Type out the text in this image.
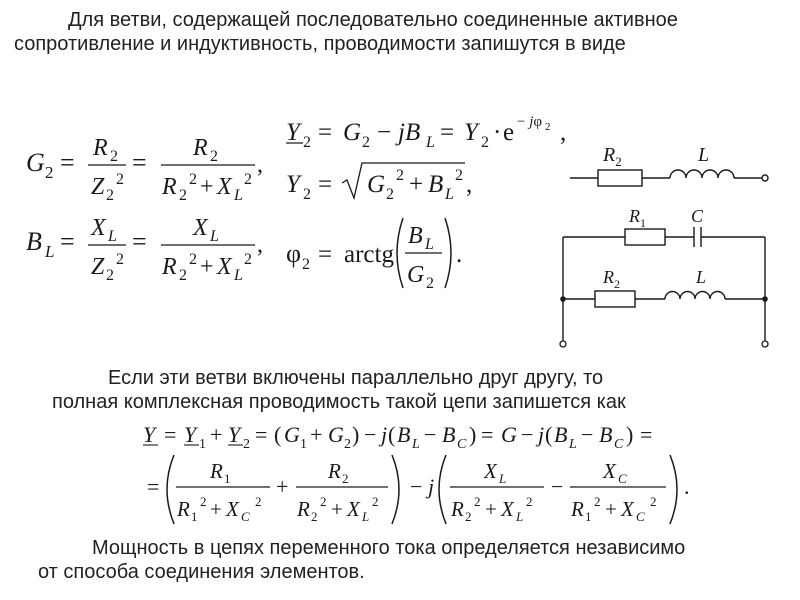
Для ветви, содержащей последовательно соединенные активное
сопротивление и индуктивность, проводимости запишутся в виде
Если эти ветви включены параллельно друг другу, то
полная комплексная проводимость такой цепи запишется как
Мощность в цепях переменного тока определяется независимо
от способа соединения элементов.
G 2 = R 2
Z 2
2
= R 2
R 2
2 + X L
2
,
B L = X L
Z 2
2
= X L
R 2
2 + X L
2
,
Y 2 = G 2 − jB L = Y 2 · e − jφ 2 ,
Y 2 = G 2
2 + B L
2 ,
φ 2 = arctg
B L
G 2
.
Y = Y 1 + Y 2 = ( G 1 + G 2 ) − j ( B L − B C ) = G − j ( B L − B C ) =
=
R 1
R 1
2 + X C
2
+
R 2
R 2
2 + X L
2
− j
X L
R 2
2 + X L
2
−
X C
R 1
2 + X C
2
.
$R_2$	L
$R_1$	C
$R_2$	L
